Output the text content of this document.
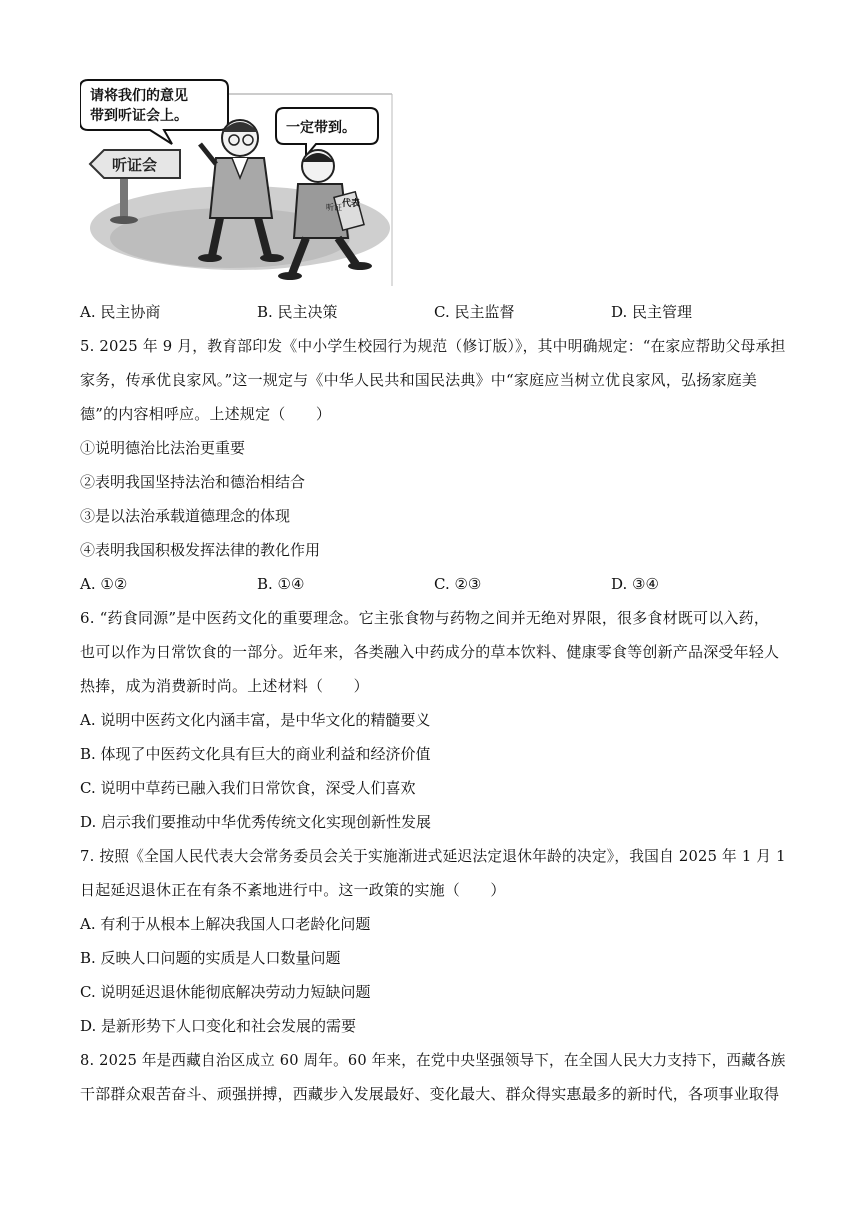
听证会
请将我们的意见
带到听证会上。
一定带到。
代表
听证
A. 民主协商	B. 民主决策	C. 民主监督	D. 民主管理
5. 2025 年 9 月，教育部印发《中小学生校园行为规范（修订版）》，其中明确规定：“在家应帮助父母承担
家务，传承优良家风。”这一规定与《中华人民共和国民法典》中“家庭应当树立优良家风，弘扬家庭美
德”的内容相呼应。上述规定（　　）
①说明德治比法治更重要
②表明我国坚持法治和德治相结合
③是以法治承载道德理念的体现
④表明我国积极发挥法律的教化作用
A. ①②	B. ①④	C. ②③	D. ③④
6. “药食同源”是中医药文化的重要理念。它主张食物与药物之间并无绝对界限，很多食材既可以入药，
也可以作为日常饮食的一部分。近年来，各类融入中药成分的草本饮料、健康零食等创新产品深受年轻人
热捧，成为消费新时尚。上述材料（　　）
A. 说明中医药文化内涵丰富，是中华文化的精髓要义
B. 体现了中医药文化具有巨大的商业利益和经济价值
C. 说明中草药已融入我们日常饮食，深受人们喜欢
D. 启示我们要推动中华优秀传统文化实现创新性发展
7. 按照《全国人民代表大会常务委员会关于实施渐进式延迟法定退休年龄的决定》，我国自 2025 年 1 月 1
日起延迟退休正在有条不紊地进行中。这一政策的实施（　　）
A. 有利于从根本上解决我国人口老龄化问题
B. 反映人口问题的实质是人口数量问题
C. 说明延迟退休能彻底解决劳动力短缺问题
D. 是新形势下人口变化和社会发展的需要
8. 2025 年是西藏自治区成立 60 周年。60 年来，在党中央坚强领导下，在全国人民大力支持下，西藏各族
干部群众艰苦奋斗、顽强拼搏，西藏步入发展最好、变化最大、群众得实惠最多的新时代，各项事业取得
